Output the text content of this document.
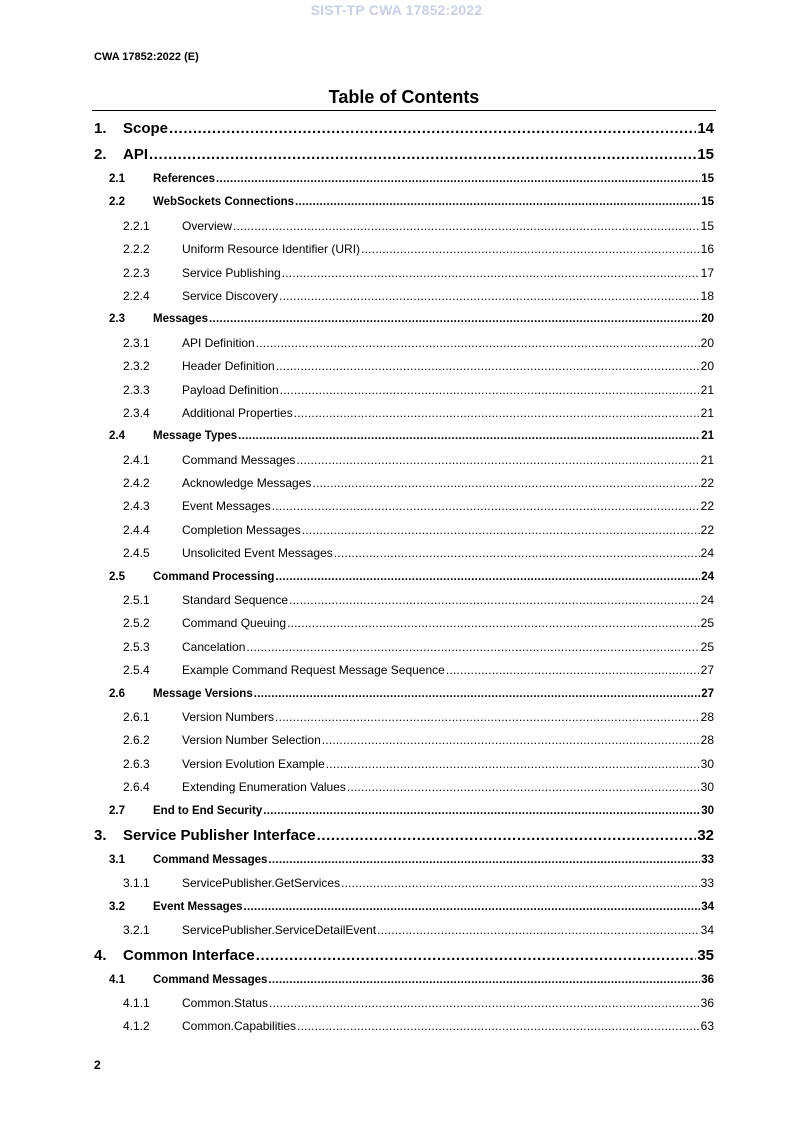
SIST-TP CWA 17852:2022
CWA 17852:2022 (E)
Table of Contents
1.	Scope .....	14
2.	API .....	15
2.1	References .....	15
2.2	WebSockets Connections .....	15
2.2.1	Overview .....	15
2.2.2	Uniform Resource Identifier (URI) .....	16
2.2.3	Service Publishing .....	17
2.2.4	Service Discovery .....	18
2.3	Messages .....	20
2.3.1	API Definition .....	20
2.3.2	Header Definition .....	20
2.3.3	Payload Definition .....	21
2.3.4	Additional Properties .....	21
2.4	Message Types .....	21
2.4.1	Command Messages .....	21
2.4.2	Acknowledge Messages .....	22
2.4.3	Event Messages .....	22
2.4.4	Completion Messages .....	22
2.4.5	Unsolicited Event Messages .....	24
2.5	Command Processing .....	24
2.5.1	Standard Sequence .....	24
2.5.2	Command Queuing .....	25
2.5.3	Cancelation .....	25
2.5.4	Example Command Request Message Sequence .....	27
2.6	Message Versions .....	27
2.6.1	Version Numbers .....	28
2.6.2	Version Number Selection .....	28
2.6.3	Version Evolution Example .....	30
2.6.4	Extending Enumeration Values .....	30
2.7	End to End Security .....	30
3.	Service Publisher Interface .....	32
3.1	Command Messages .....	33
3.1.1	ServicePublisher.GetServices .....	33
3.2	Event Messages .....	34
3.2.1	ServicePublisher.ServiceDetailEvent .....	34
4.	Common Interface .....	35
4.1	Command Messages .....	36
4.1.1	Common.Status .....	36
4.1.2	Common.Capabilities .....	63
2
